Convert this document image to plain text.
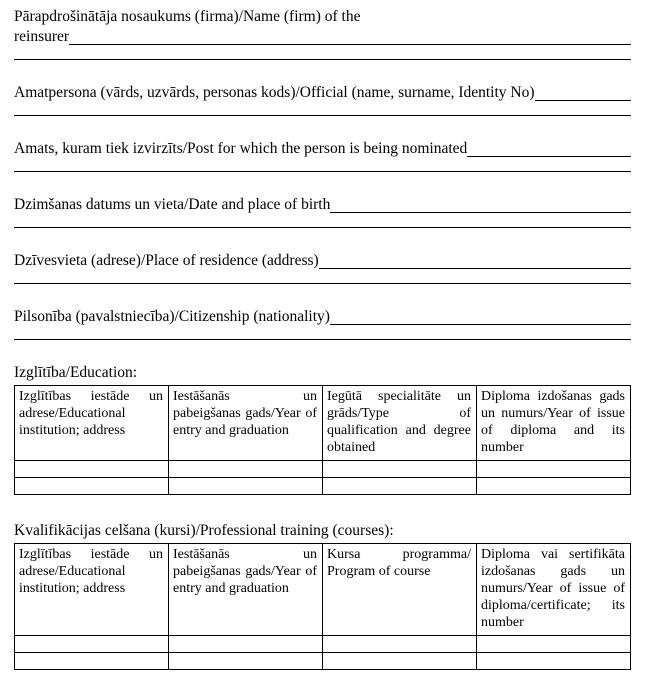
Pārapdrošinātāja nosaukums (firma)/Name (firm) of the
reinsurer
Amatpersona (vārds, uzvārds, personas kods)/Official (name, surname, Identity No)
Amats, kuram tiek izvirzīts/Post for which the person is being nominated
Dzimšanas datums un vieta/Date and place of birth
Dzīvesvieta (adrese)/Place of residence (address)
Pilsonība (pavalstniecība)/Citizenship (nationality)
Izglītība/Education:
Izglītības iestāde un adrese/Educational institution; address	Iestāšanās un pabeigšanas gads/Year of entry and graduation	Iegūtā specialitāte un grāds/Type of qualification and degree obtained	Diploma izdošanas gads un numurs/Year of issue of diploma and its number

Kvalifikācijas celšana (kursi)/Professional training (courses):
Izglītības iestāde un adrese/Educational institution; address	Iestāšanās un pabeigšanas gads/Year of entry and graduation	Kursa programma/ Program of course	Diploma vai sertifikāta izdošanas gads un numurs/Year of issue of diploma/certificate; its number
